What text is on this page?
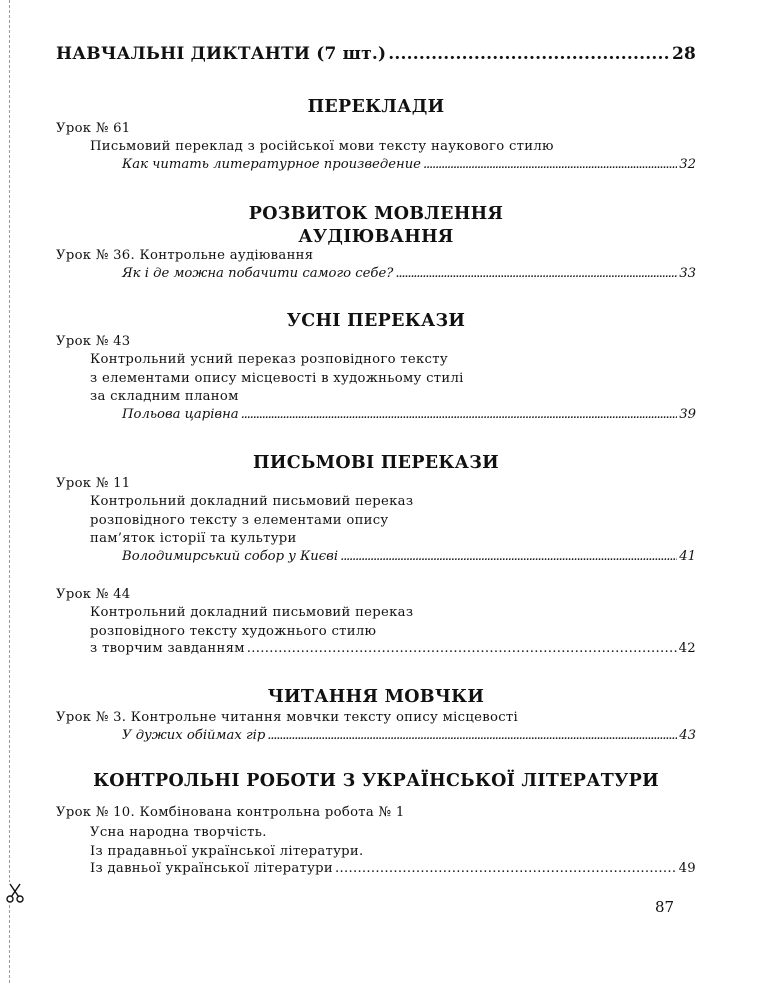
НАВЧАЛЬНІ ДИКТАНТИ (7 шт.) .....	28
ПЕРЕКЛАДИ
Урок № 61
Письмовий переклад з російської мови тексту наукового стилю
Как читать литературное произведение .....	32
РОЗВИТОК МОВЛЕННЯ
АУДІЮВАННЯ
Урок № 36. Контрольне аудіювання
Як і де можна побачити самого себе? .....	33
УСНІ ПЕРЕКАЗИ
Урок № 43
Контрольний усний переказ розповідного тексту
з елементами опису місцевості в художньому стилі
за складним планом
Польова царівна .....	39
ПИСЬМОВІ ПЕРЕКАЗИ
Урок № 11
Контрольний докладний письмовий переказ
розповідного тексту з елементами опису
пам’яток історії та культури
Володимирський собор у Києві .....	41
Урок № 44
Контрольний докладний письмовий переказ
розповідного тексту художнього стилю
з творчим завданням .....	42
ЧИТАННЯ МОВЧКИ
Урок № 3. Контрольне читання мовчки тексту опису місцевості
У дужих обіймах гір .....	43
КОНТРОЛЬНІ РОБОТИ З УКРАЇНСЬКОЇ ЛІТЕРАТУРИ
Урок № 10. Комбінована контрольна робота № 1
Усна народна творчість.
Із прадавньої української літератури.
Із давньої української літератури .....	49
87
